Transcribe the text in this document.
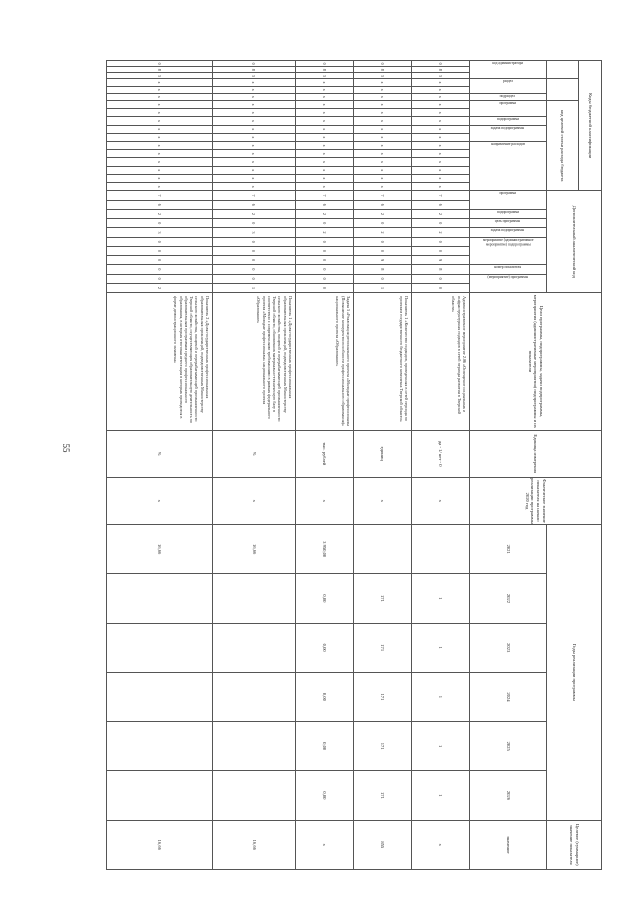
55
Коды бюджетной классификации																	Дополнительный аналитический код											Цели программы, подпрограммы, задачи подпрограммы, мероприятия (административные мероприятия) подпрограммы и их показатели	Единица измерения	Фактическое значение показателя на начало реализации программы 2020 год	Годы реализации программы						Целевое (суммарное) значение показателя
						код целевой статьи расхода бюджета																															

код администратора			раздел		подраздел	программа		подпрограмма	задача подпрограммы		направление расходов						программа		подпрограмма	цель программы	задача подпрограммы	мероприятие (административное мероприятие) подпрограммы			номер показателя	(мероприятие) программы					2021	2022	2023	2024	2025	2026	значение
0	8	3	x	x	x	x	x	x	x	x	x	x	x	x	x	x	7	6	2	0	2	0	0	9	8	0	0	Административное мероприятие 2.06 «Освещение социальных и инфраструктурных подходов в сетей периода развития в Тверской области»	да - 1/ нет - 0	x		1	1	1	1	1	x
0	8	3	x	x	x	x	x	x	x	x	x	x	x	x	x	x	7	6	2	0	2	0	0	9	8	0	1	Показатель 1 «Количество подходов, проведенных в сетей периода по проектам государственного бюджетного комплекса Тверской области»	единиц	x		171	171	171	171	171	855
0	8	3	x	x	x	x	x	x	x	x	x	x	x	x	x	x	7	6	2	0	2	0	0	0	0	0	0	Задача 3 «Реализация регионального проекта «Молодые профессионалы (Повышение конкурентоспособности профессионального образования)» национального проекта «Образование»	тыс. рублей	x	3 950,00	0,00	0,00	0,00	0,00	0,00	x
0	8	3	x	x	x	x	x	x	x	x	x	x	x	x	x	x	7	6	2	0	3	0	0	0	0	0	1	Показатель 1 «Доля государственных профессиональных образовательных организаций, подведомственных Министерству сельского хозяйства, пищевой и перерабатывающей промышленности Тверской области, обновивших материально-техническую базу в соответствии с современными требованиями в рамках федерального проекта «Молодые профессионалы» национального проекта «Образование»	%	x	16,66						16,66
0	8	3	x	x	x	x	x	x	x	x	x	x	x	x	x	x	7	6	2	0	3	0	0	0	0	0	2	Показатель 2 «Доля государственных профессиональных образовательных организаций, подведомственных Министерству сельского хозяйства, пищевой и перерабатывающей промышленности Тверской области, осуществляющих образовательную деятельность по образовательным программам среднего профессионального образования, в которых итоговая аттестация в которых проводится в форме демонстрационного экзамена»	%	x	16,66						16,66
